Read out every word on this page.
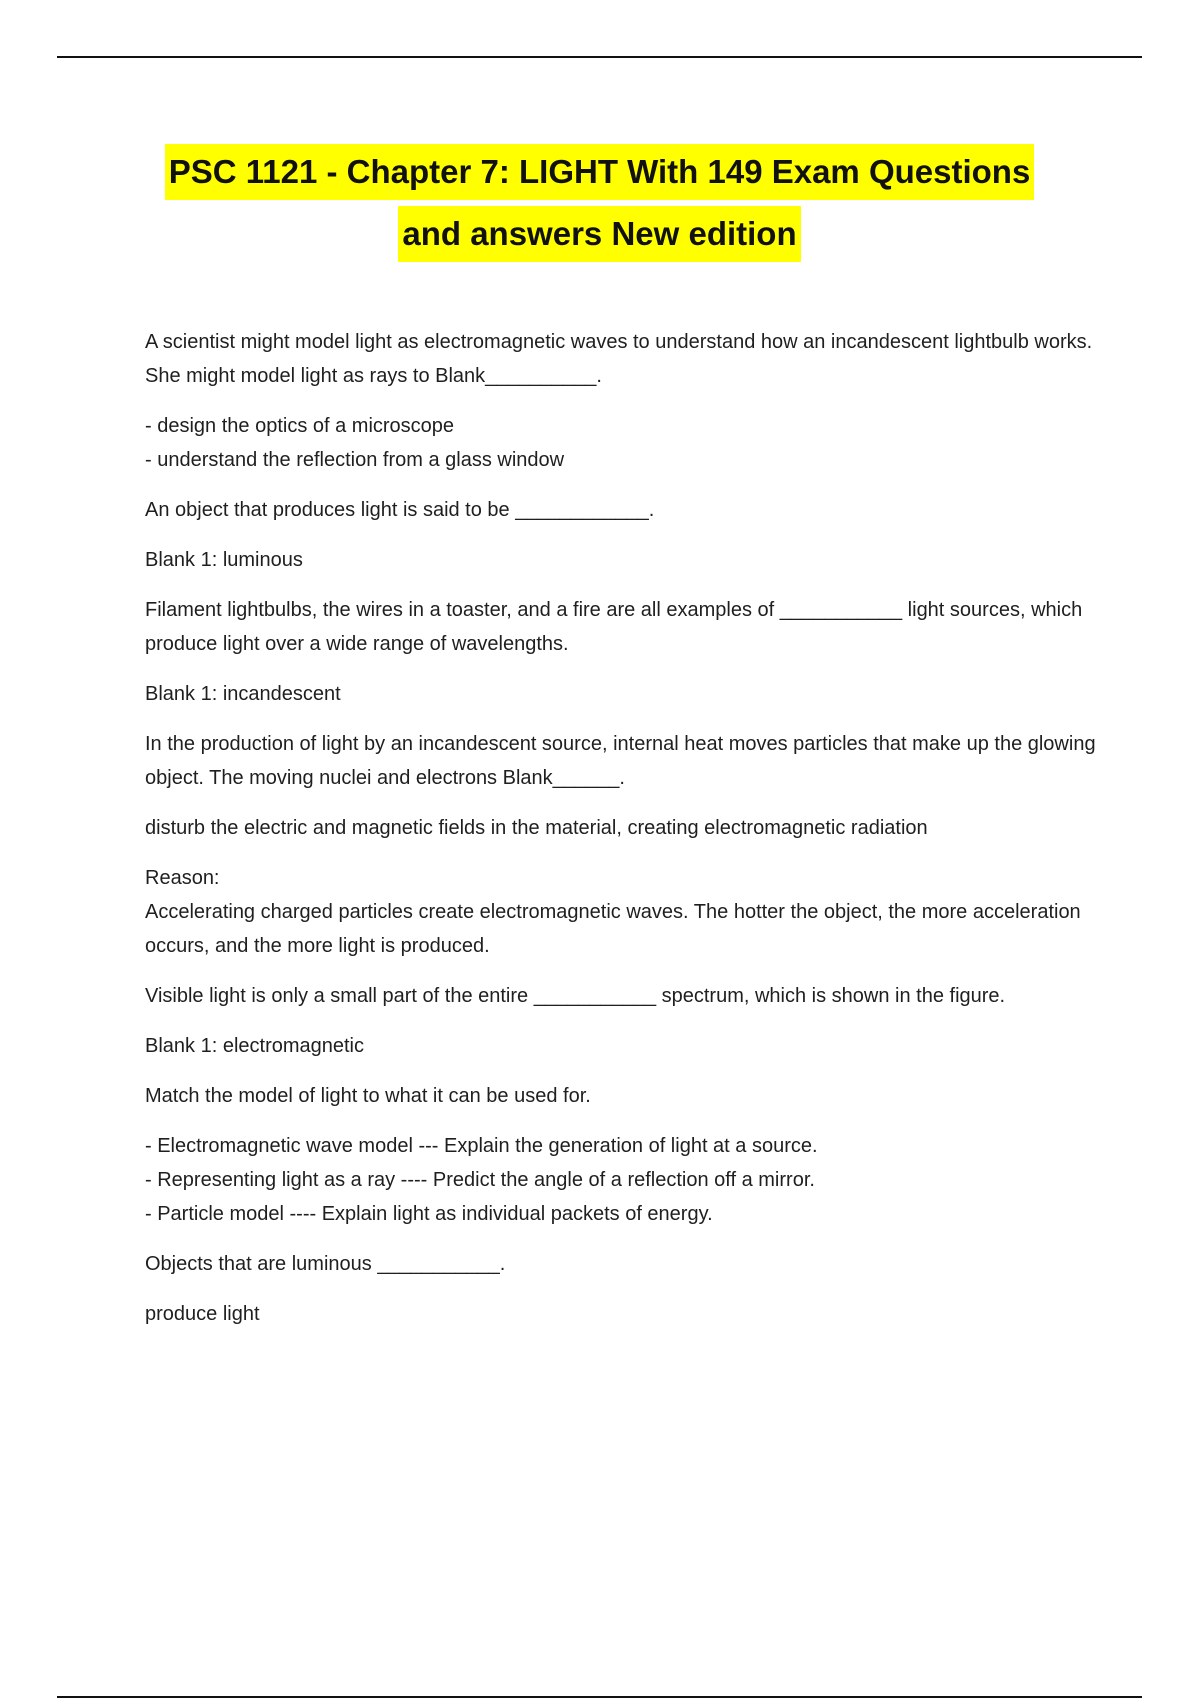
PSC 1121 - Chapter 7: LIGHT With 149 Exam Questions
and answers New edition

A scientist might model light as electromagnetic waves to understand how an incandescent lightbulb works. She might model light as rays to Blank__________.

- design the optics of a microscope
- understand the reflection from a glass window

An object that produces light is said to be ____________.

Blank 1: luminous

Filament lightbulbs, the wires in a toaster, and a fire are all examples of ___________ light sources, which produce light over a wide range of wavelengths.

Blank 1: incandescent

In the production of light by an incandescent source, internal heat moves particles that make up the glowing object. The moving nuclei and electrons Blank______.

disturb the electric and magnetic fields in the material, creating electromagnetic radiation

Reason:
Accelerating charged particles create electromagnetic waves. The hotter the object, the more acceleration occurs, and the more light is produced.

Visible light is only a small part of the entire ___________ spectrum, which is shown in the figure.

Blank 1: electromagnetic

Match the model of light to what it can be used for.

- Electromagnetic wave model --- Explain the generation of light at a source.
- Representing light as a ray ---- Predict the angle of a reflection off a mirror.
- Particle model ---- Explain light as individual packets of energy.

Objects that are luminous ___________.

produce light
